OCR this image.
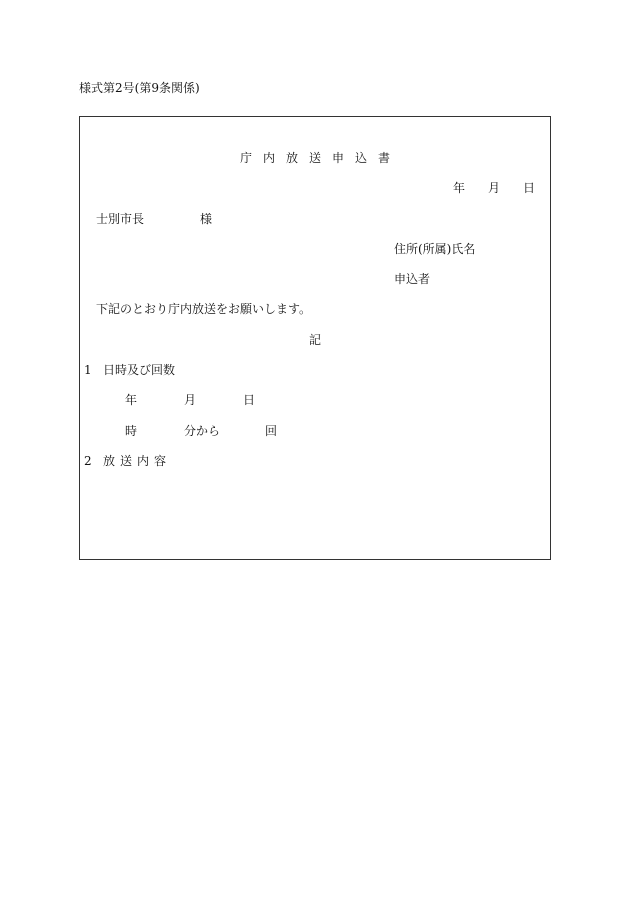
様式第2号(第9条関係)
庁内放送申込書
年 月 日
士別市長	様
住所(所属)氏名
申込者
下記のとおり庁内放送をお願いします。
記
1 日時及び回数
年	月	日
時	分から	回
2 放送内容
